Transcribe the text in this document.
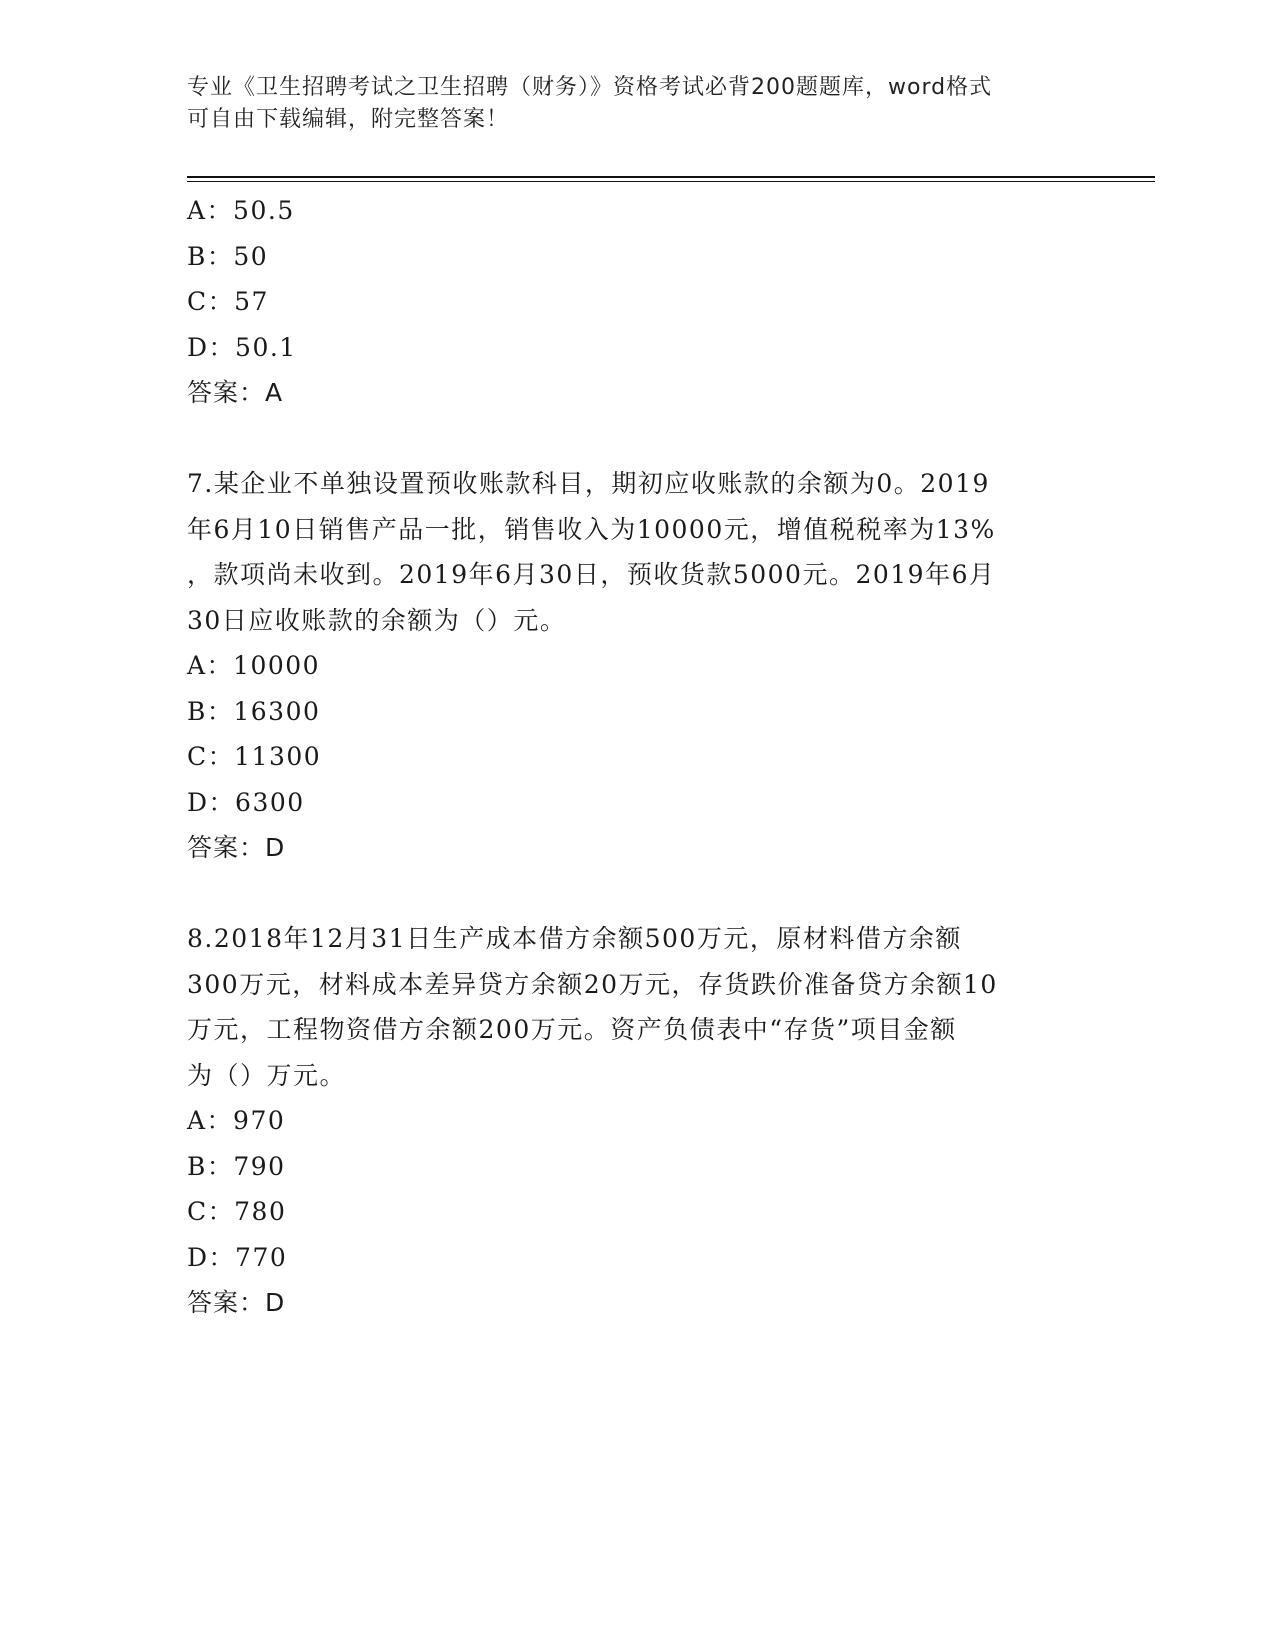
专业《卫生招聘考试之卫生招聘（财务）》资格考试必背200题题库，word格式
可自由下载编辑，附完整答案！
A：50.5
B：50
C：57
D：50.1
答案：A
7.某企业不单独设置预收账款科目，期初应收账款的余额为0。2019
年6月10日销售产品一批，销售收入为10000元，增值税税率为13%
，款项尚未收到。2019年6月30日，预收货款5000元。2019年6月
30日应收账款的余额为（）元。
A：10000
B：16300
C：11300
D：6300
答案：D
8.2018年12月31日生产成本借方余额500万元，原材料借方余额
300万元，材料成本差异贷方余额20万元，存货跌价准备贷方余额10
万元，工程物资借方余额200万元。资产负债表中“存货”项目金额
为（）万元。
A：970
B：790
C：780
D：770
答案：D
